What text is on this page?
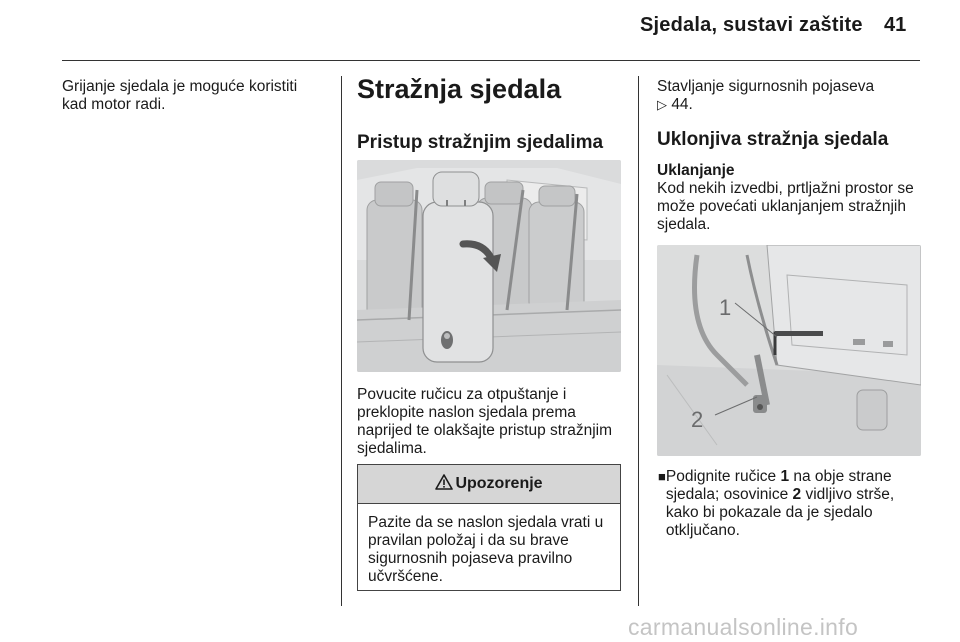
Sjedala, sustavi zaštite 41

Grijanje sjedala je moguće koristiti kad motor radi.

Stražnja sjedala
Pristup stražnjim sjedalima

Povucite ručicu za otpuštanje i preklopite naslon sjedala prema naprijed te olakšajte pristup stražnjim sjedalima.

Upozorenje
Pazite da se naslon sjedala vrati u pravilan položaj i da su brave sigurnosnih pojaseva pravilno učvršćene.

Stavljanje sigurnosnih pojaseva
▷ 44.

Uklonjiva stražnja sjedala
Uklanjanje

Kod nekih izvedbi, prtljažni prostor se može povećati uklanjanjem stražnjih sjedala.

1
2
■ Podignite ručice 1 na obje strane sjedala; osovinice 2 vidljivo strše, kako bi pokazale da je sjedalo otključano.
carmanualsonline.info
